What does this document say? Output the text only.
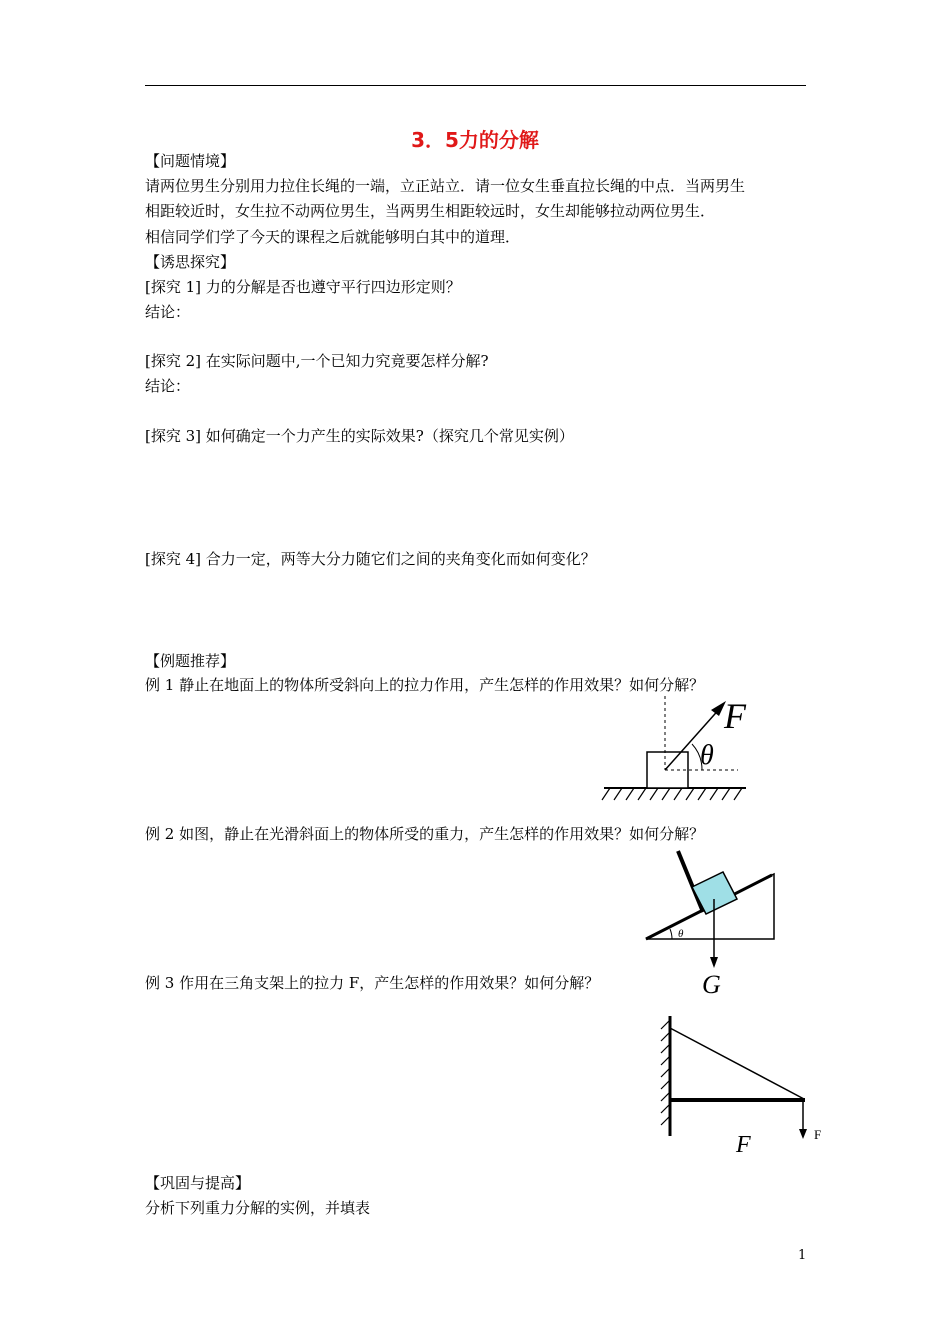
3．5力的分解
【问题情境】
请两位男生分别用力拉住长绳的一端，立正站立．请一位女生垂直拉长绳的中点．当两男生
相距较近时，女生拉不动两位男生，当两男生相距较远时，女生却能够拉动两位男生．
相信同学们学了今天的课程之后就能够明白其中的道理．
【诱思探究】
[探究 1] 力的分解是否也遵守平行四边形定则？
结论：
[探究 2] 在实际问题中,一个已知力究竟要怎样分解?
结论：
[探究 3] 如何确定一个力产生的实际效果?（探究几个常见实例）
[探究 4] 合力一定，两等大分力随它们之间的夹角变化而如何变化？
【例题推荐】
例 1 静止在地面上的物体所受斜向上的拉力作用，产生怎样的作用效果？如何分解？
F
θ
例 2 如图，静止在光滑斜面上的物体所受的重力，产生怎样的作用效果？如何分解？
θ
G
例 3 作用在三角支架上的拉力 F，产生怎样的作用效果？如何分解？
F
F
【巩固与提高】
分析下列重力分解的实例，并填表
1
